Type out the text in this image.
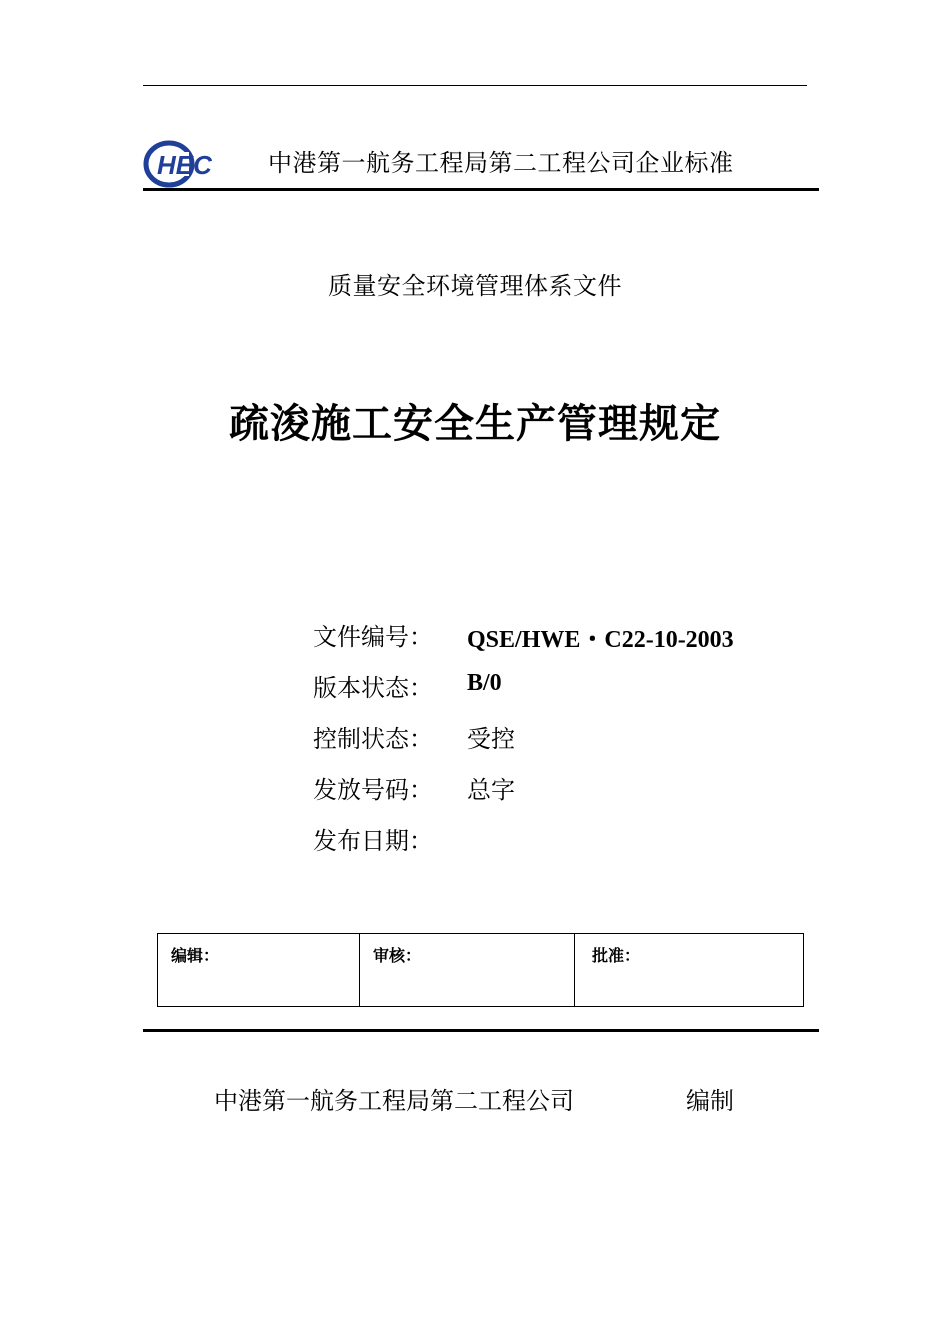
HEC 中港第一航务工程局第二工程公司企业标准
质量安全环境管理体系文件
疏浚施工安全生产管理规定
文件编号： QSE/HWE・C22-10-2003
版本状态： B/0
控制状态： 受控
发放号码： 总字
发布日期：
编辑：	审核：	批准：
中港第一航务工程局第二工程公司	编制
